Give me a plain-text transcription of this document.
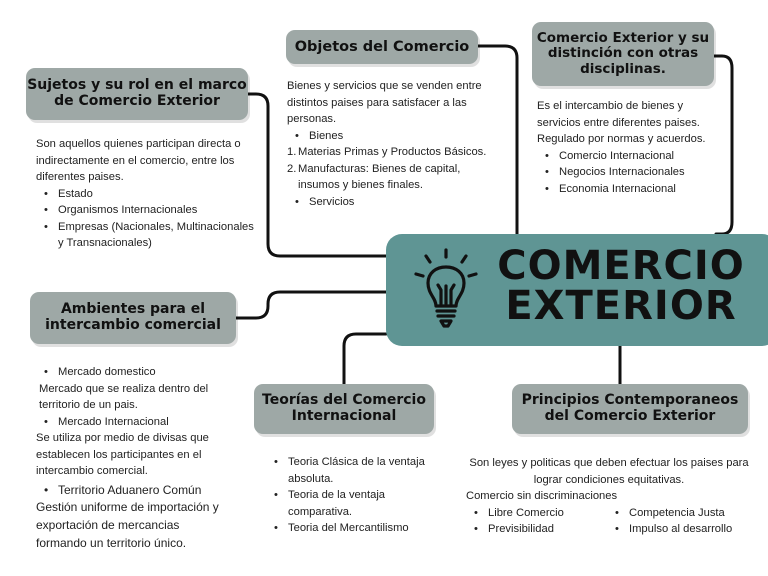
COMERCIO
EXTERIOR
Sujetos y su rol en el marco
de Comercio Exterior
Son aquellos quienes participan directa o indirectamente en el comercio, entre los diferentes paises.
• Estado
• Organismos Internacionales
• Empresas (Nacionales, Multinacionales y Transnacionales)
Objetos del Comercio
Bienes y servicios que se venden entre distintos paises para satisfacer a las personas.
• Bienes
1. Materias Primas y Productos Básicos.
2. Manufacturas: Bienes de capital, insumos y bienes finales.
• Servicios
Comercio Exterior y su
distinción con otras
disciplinas.
Es el intercambio de bienes y servicios entre diferentes paises. Regulado por normas y acuerdos.
• Comercio Internacional
• Negocios Internacionales
• Economia Internacional
Ambientes para el
intercambio comercial
• Mercado domestico
Mercado que se realiza dentro del territorio de un pais.
• Mercado Internacional
Se utiliza por medio de divisas que establecen los participantes en el intercambio comercial.
• Territorio Aduanero Común
Gestión uniforme de importación y exportación de mercancias formando un territorio único.
Teorías del Comercio
Internacional
• Teoria Clásica de la ventaja absoluta.
• Teoria de la ventaja comparativa.
• Teoria del Mercantilismo
Principios Contemporaneos
del Comercio Exterior
Son leyes y politicas que deben efectuar los paises para lograr condiciones equitativas.
Comercio sin discriminaciones
• Libre Comercio
• Previsibilidad
• Competencia Justa
• Impulso al desarrollo
